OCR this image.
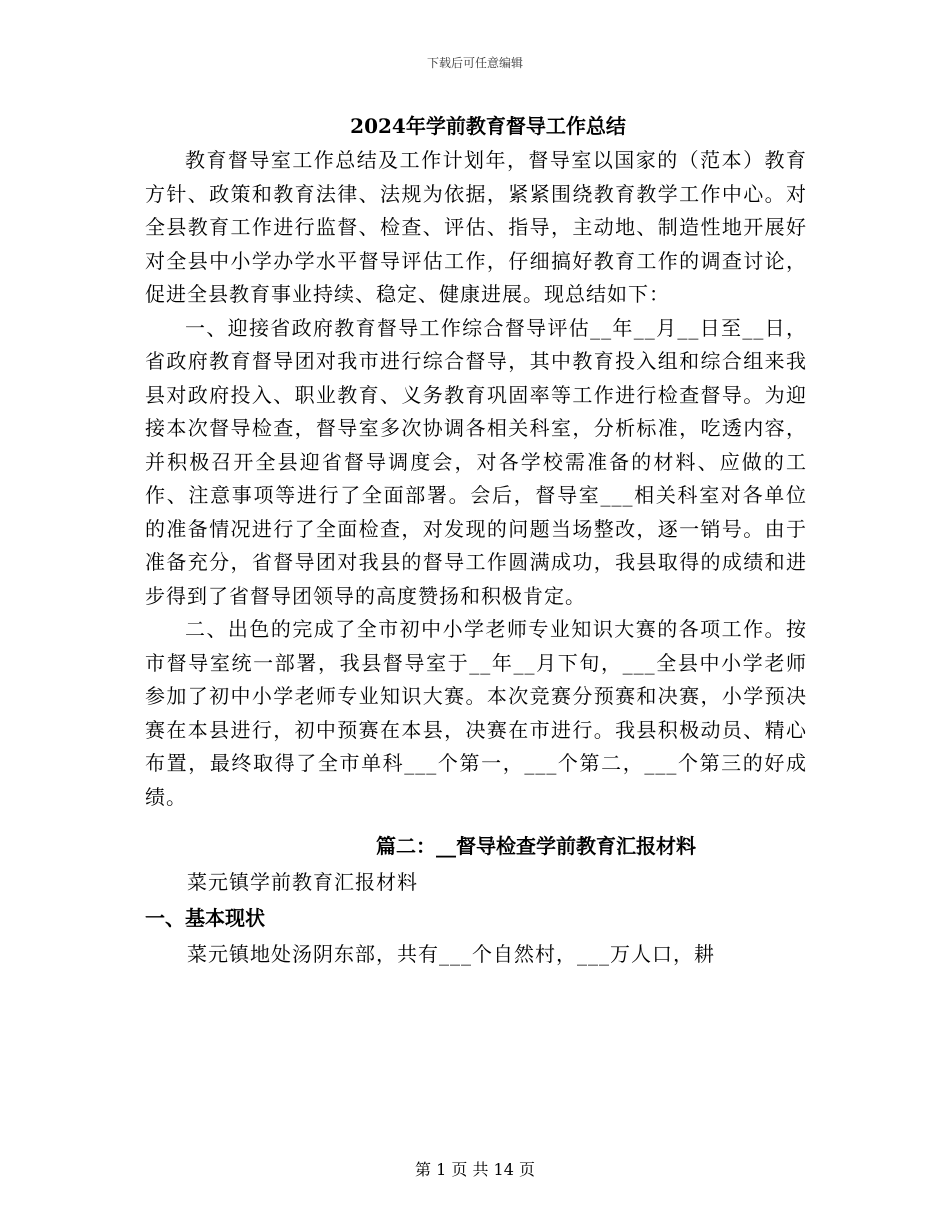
下载后可任意编辑
2024年学前教育督导工作总结

教育督导室工作总结及工作计划年，督导室以国家的（范本）教育方针、政策和教育法律、法规为依据，紧紧围绕教育教学工作中心。对全县教育工作进行监督、检查、评估、指导，主动地、制造性地开展好对全县中小学办学水平督导评估工作，仔细搞好教育工作的调查讨论，促进全县教育事业持续、稳定、健康进展。现总结如下：

一、迎接省政府教育督导工作综合督导评估__年__月__日至__日，省政府教育督导团对我市进行综合督导，其中教育投入组和综合组来我县对政府投入、职业教育、义务教育巩固率等工作进行检查督导。为迎接本次督导检查，督导室多次协调各相关科室，分析标准，吃透内容，并积极召开全县迎省督导调度会，对各学校需准备的材料、应做的工作、注意事项等进行了全面部署。会后，督导室___相关科室对各单位的准备情况进行了全面检查，对发现的问题当场整改，逐一销号。由于准备充分，省督导团对我县的督导工作圆满成功，我县取得的成绩和进步得到了省督导团领导的高度赞扬和积极肯定。

二、出色的完成了全市初中小学老师专业知识大赛的各项工作。按市督导室统一部署，我县督导室于__年__月下旬，___全县中小学老师参加了初中小学老师专业知识大赛。本次竞赛分预赛和决赛，小学预决赛在本县进行，初中预赛在本县，决赛在市进行。我县积极动员、精心布置，最终取得了全市单科___个第一，___个第二，___个第三的好成绩。

篇二：__督导检查学前教育汇报材料

菜元镇学前教育汇报材料

一、基本现状

菜元镇地处汤阴东部，共有___个自然村，___万人口，耕

第 1 页 共 14 页
